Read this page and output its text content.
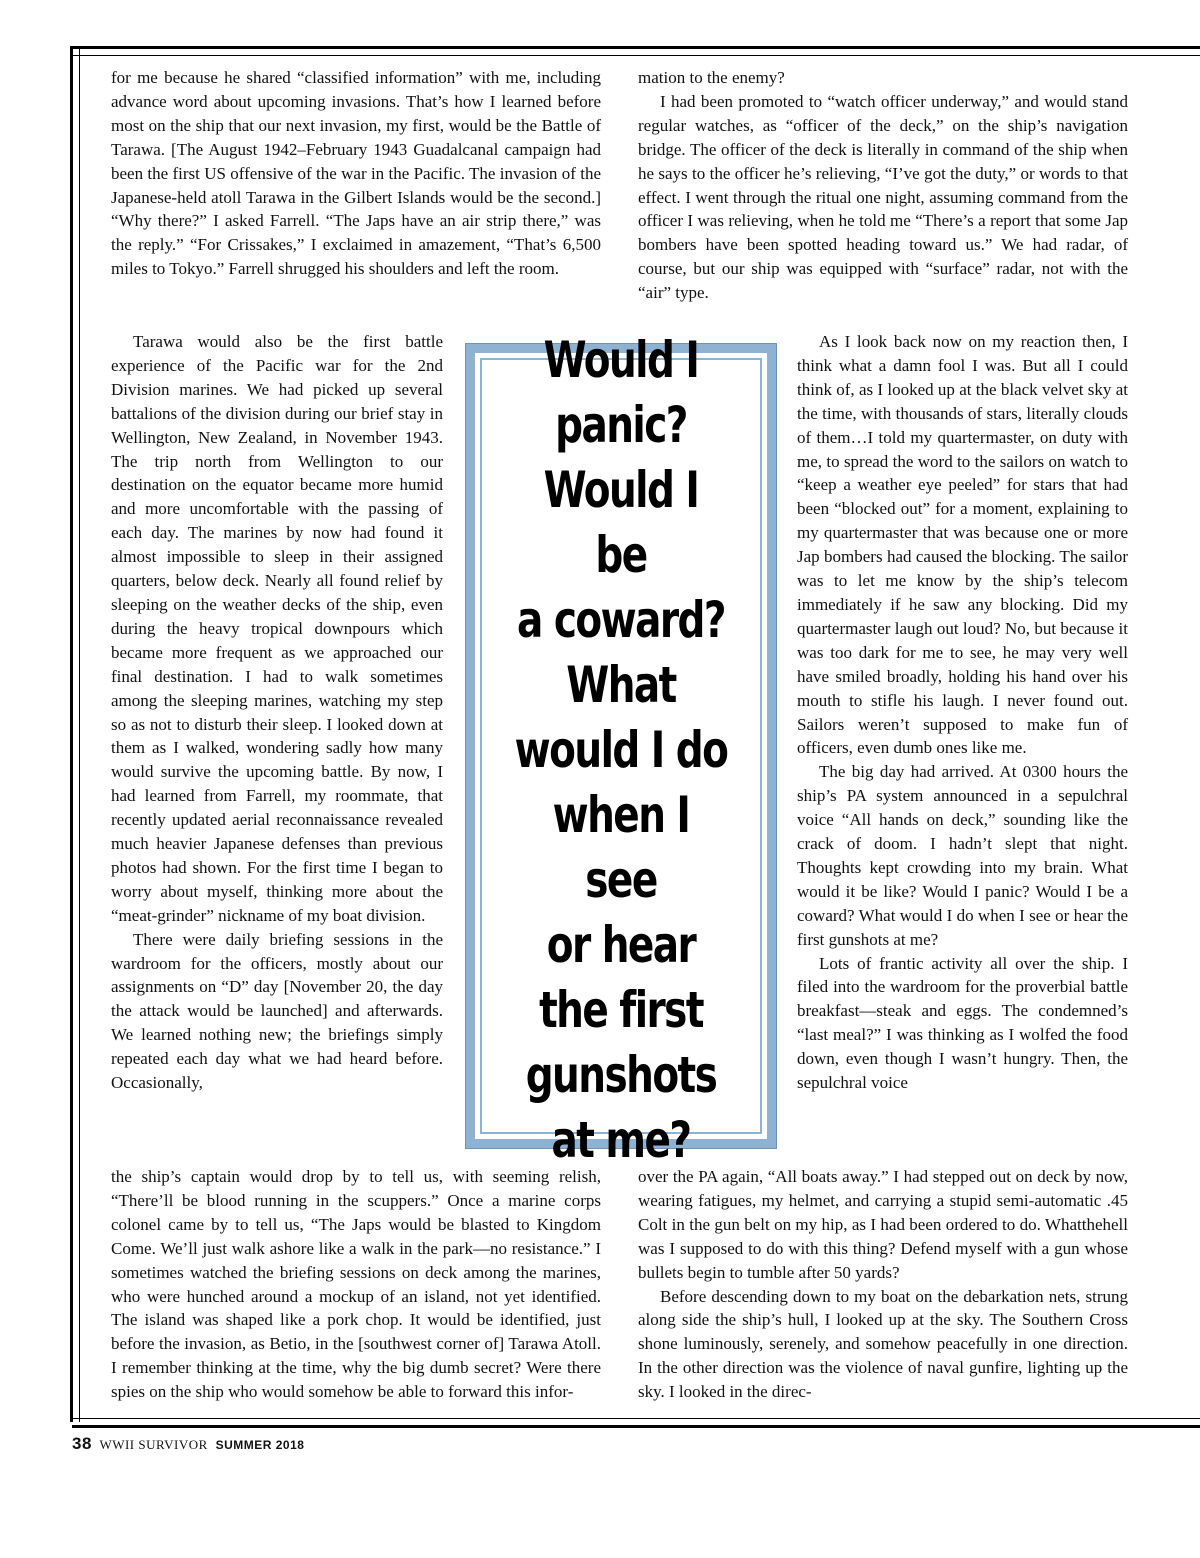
for me because he shared “classified information” with me, including advance word about upcoming invasions. That’s how I learned before most on the ship that our next invasion, my first, would be the Battle of Tarawa. [The August 1942–February 1943 Guadalcanal campaign had been the first US offensive of the war in the Pacific. The invasion of the Japanese-held atoll Tarawa in the Gilbert Islands would be the second.] “Why there?” I asked Farrell. “The Japs have an air strip there,” was the reply.” “For Crissakes,” I exclaimed in amazement, “That’s 6,500 miles to Tokyo.” Farrell shrugged his shoulders and left the room.

Tarawa would also be the first battle experience of the Pacific war for the 2nd Division marines. We had picked up several battalions of the division during our brief stay in Wellington, New Zealand, in November 1943. The trip north from Wellington to our destination on the equator became more humid and more uncomfortable with the passing of each day. The marines by now had found it almost impossible to sleep in their assigned quarters, below deck. Nearly all found relief by sleeping on the weather decks of the ship, even during the heavy tropical downpours which became more frequent as we approached our final destination. I had to walk sometimes among the sleeping marines, watching my step so as not to disturb their sleep. I looked down at them as I walked, wondering sadly how many would survive the upcoming battle. By now, I had learned from Farrell, my roommate, that recently updated aerial reconnaissance revealed much heavier Japanese defenses than previous photos had shown. For the first time I began to worry about myself, thinking more about the “meat-grinder” nickname of my boat division.

There were daily briefing sessions in the wardroom for the officers, mostly about our assignments on “D” day [November 20, the day the attack would be launched] and afterwards. We learned nothing new; the briefings simply repeated each day what we had heard before. Occasionally,

the ship’s captain would drop by to tell us, with seeming relish, “There’ll be blood running in the scuppers.” Once a marine corps colonel came by to tell us, “The Japs would be blasted to Kingdom Come. We’ll just walk ashore like a walk in the park—no resistance.” I sometimes watched the briefing sessions on deck among the marines, who were hunched around a mockup of an island, not yet identified. The island was shaped like a pork chop. It would be identified, just before the invasion, as Betio, in the [southwest corner of] Tarawa Atoll. I remember thinking at the time, why the big dumb secret? Were there spies on the ship who would somehow be able to forward this infor-

mation to the enemy?

I had been promoted to “watch officer underway,” and would stand regular watches, as “officer of the deck,” on the ship’s navigation bridge. The officer of the deck is literally in command of the ship when he says to the officer he’s relieving, “I’ve got the duty,” or words to that effect. I went through the ritual one night, assuming command from the officer I was relieving, when he told me “There’s a report that some Jap bombers have been spotted heading toward us.” We had radar, of course, but our ship was equipped with “surface” radar, not with the “air” type.

As I look back now on my reaction then, I think what a damn fool I was. But all I could think of, as I looked up at the black velvet sky at the time, with thousands of stars, literally clouds of them…I told my quartermaster, on duty with me, to spread the word to the sailors on watch to “keep a weather eye peeled” for stars that had been “blocked out” for a moment, explaining to my quartermaster that was because one or more Jap bombers had caused the blocking. The sailor was to let me know by the ship’s telecom immediately if he saw any blocking. Did my quartermaster laugh out loud? No, but because it was too dark for me to see, he may very well have smiled broadly, holding his hand over his mouth to stifle his laugh. I never found out. Sailors weren’t supposed to make fun of officers, even dumb ones like me.

The big day had arrived. At 0300 hours the ship’s PA system announced in a sepulchral voice “All hands on deck,” sounding like the crack of doom. I hadn’t slept that night. Thoughts kept crowding into my brain. What would it be like? Would I panic? Would I be a coward? What would I do when I see or hear the first gunshots at me?

Lots of frantic activity all over the ship. I filed into the wardroom for the proverbial battle breakfast—steak and eggs. The condemned’s “last meal?” I was thinking as I wolfed the food down, even though I wasn’t hungry. Then, the sepulchral voice

over the PA again, “All boats away.” I had stepped out on deck by now, wearing fatigues, my helmet, and carrying a stupid semi-automatic .45 Colt in the gun belt on my hip, as I had been ordered to do. Whatthehell was I supposed to do with this thing? Defend myself with a gun whose bullets begin to tumble after 50 yards?

Before descending down to my boat on the debarkation nets, strung along side the ship’s hull, I looked up at the sky. The Southern Cross shone luminously, serenely, and somehow peacefully in one direction. In the other direction was the violence of naval gunfire, lighting up the sky. I looked in the direc-

Would I
panic?
Would I be
a coward?
What
would I do
when I see
or hear
the first
gunshots
at me?
38 WWII SURVIVOR SUMMER 2018
